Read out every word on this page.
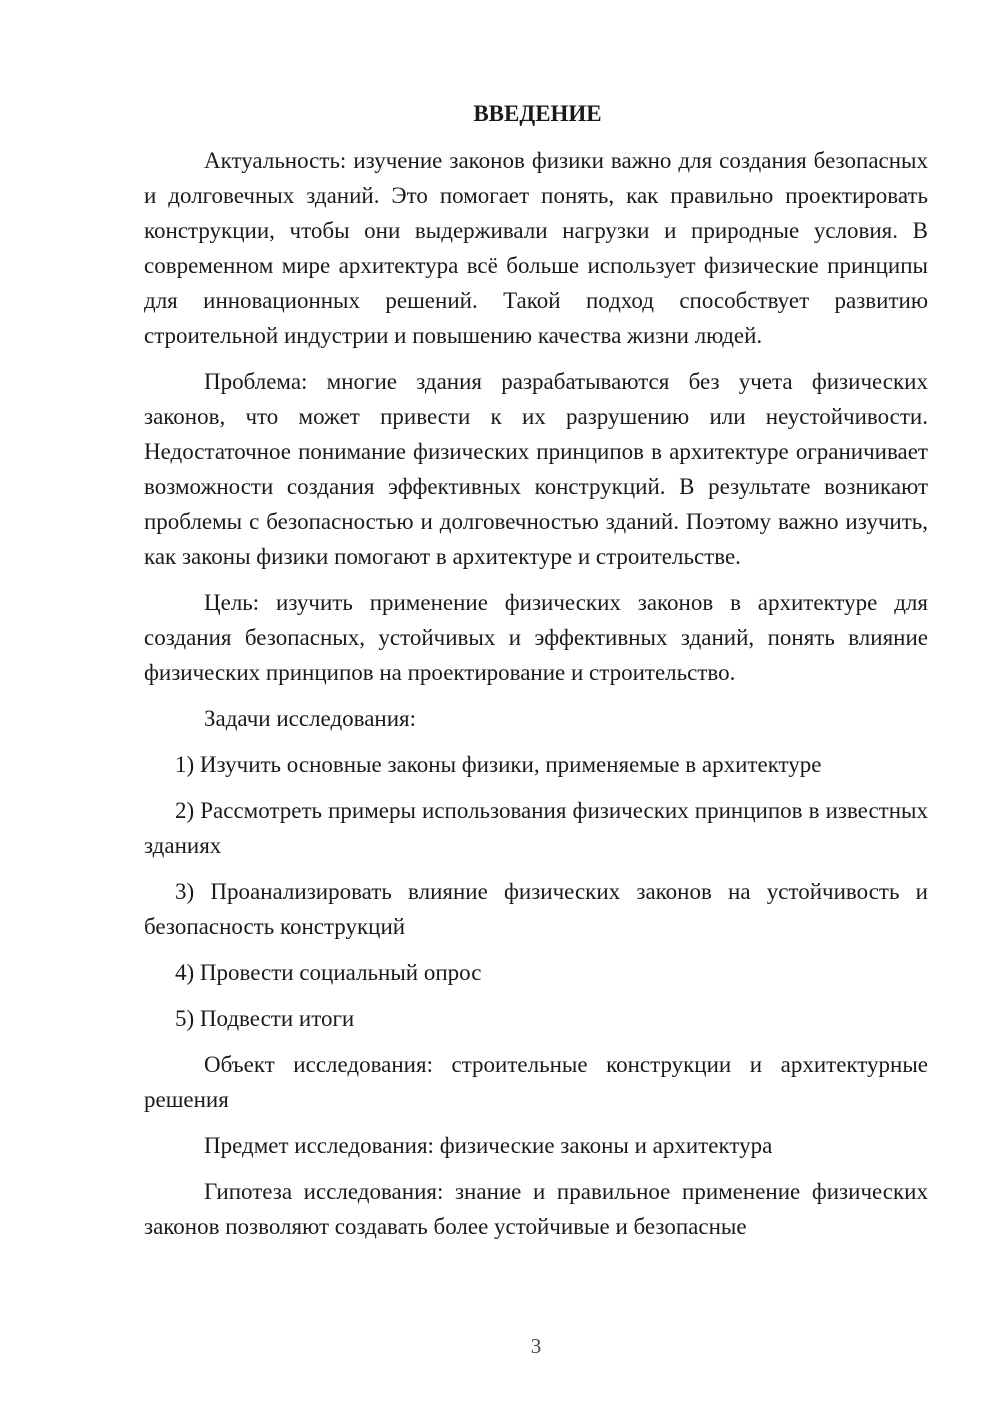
ВВЕДЕНИЕ

Актуальность: изучение законов физики важно для создания безопасных и долговечных зданий. Это помогает понять, как правильно проектировать конструкции, чтобы они выдерживали нагрузки и природные условия. В современном мире архитектура всё больше использует физические принципы для инновационных решений. Такой подход способствует развитию строительной индустрии и повышению качества жизни людей.

Проблема: многие здания разрабатываются без учета физических законов, что может привести к их разрушению или неустойчивости. Недостаточное понимание физических принципов в архитектуре ограничивает возможности создания эффективных конструкций. В результате возникают проблемы с безопасностью и долговечностью зданий. Поэтому важно изучить, как законы физики помогают в архитектуре и строительстве.

Цель: изучить применение физических законов в архитектуре для создания безопасных, устойчивых и эффективных зданий, понять влияние физических принципов на проектирование и строительство.

Задачи исследования:

1) Изучить основные законы физики, применяемые в архитектуре

2) Рассмотреть примеры использования физических принципов в известных зданиях

3) Проанализировать влияние физических законов на устойчивость и безопасность конструкций

4) Провести социальный опрос

5) Подвести итоги

Объект исследования: строительные конструкции и архитектурные решения

Предмет исследования: физические законы и архитектура

Гипотеза исследования: знание и правильное применение физических законов позволяют создавать более устойчивые и безопасные

3
